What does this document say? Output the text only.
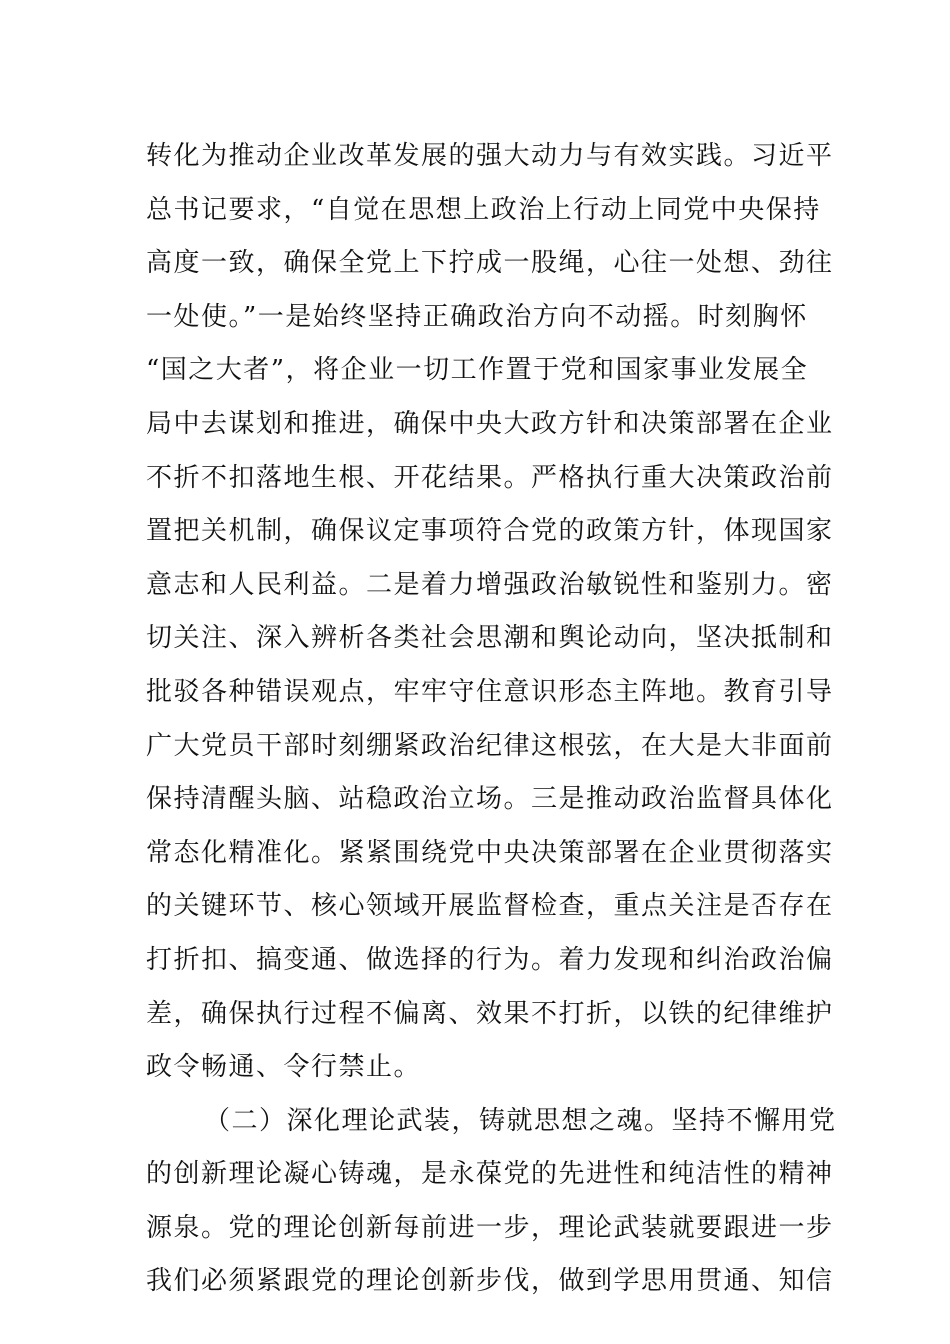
转化为推动企业改革发展的强大动力与有效实践。习近平
总书记要求，“自觉在思想上政治上行动上同党中央保持
高度一致，确保全党上下拧成一股绳，心往一处想、劲往
一处使。”一是始终坚持正确政治方向不动摇。时刻胸怀
“国之大者”，将企业一切工作置于党和国家事业发展全
局中去谋划和推进，确保中央大政方针和决策部署在企业
不折不扣落地生根、开花结果。严格执行重大决策政治前
置把关机制，确保议定事项符合党的政策方针，体现国家
意志和人民利益。二是着力增强政治敏锐性和鉴别力。密
切关注、深入辨析各类社会思潮和舆论动向，坚决抵制和
批驳各种错误观点，牢牢守住意识形态主阵地。教育引导
广大党员干部时刻绷紧政治纪律这根弦，在大是大非面前
保持清醒头脑、站稳政治立场。三是推动政治监督具体化
常态化精准化。紧紧围绕党中央决策部署在企业贯彻落实
的关键环节、核心领域开展监督检查，重点关注是否存在
打折扣、搞变通、做选择的行为。着力发现和纠治政治偏
差，确保执行过程不偏离、效果不打折，以铁的纪律维护
政令畅通、令行禁止。
（二）深化理论武装，铸就思想之魂。坚持不懈用党
的创新理论凝心铸魂，是永葆党的先进性和纯洁性的精神
源泉。党的理论创新每前进一步，理论武装就要跟进一步
我们必须紧跟党的理论创新步伐，做到学思用贯通、知信
